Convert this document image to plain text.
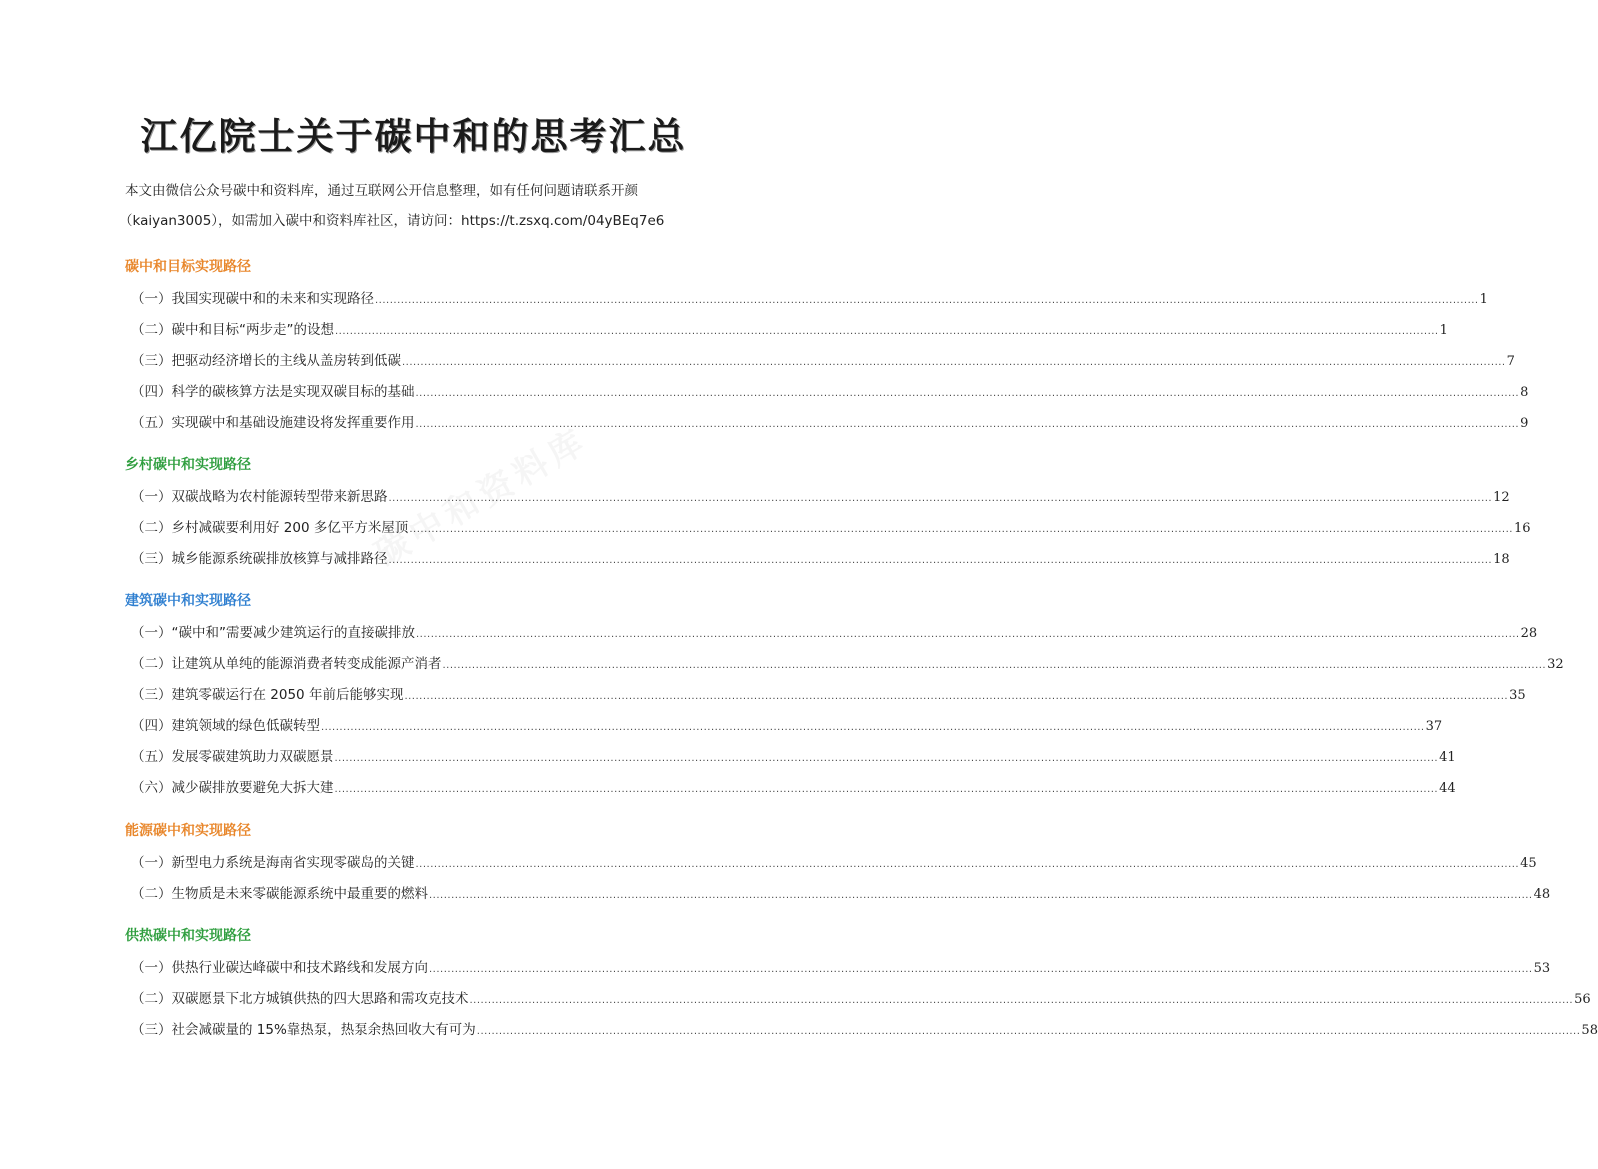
江亿院士关于碳中和的思考汇总
本文由微信公众号碳中和资料库，通过互联网公开信息整理，如有任何问题请联系开颜
（kaiyan3005），如需加入碳中和资料库社区，请访问：https://t.zsxq.com/04yBEq7e6
碳中和目标实现路径
（一） 我国实现碳中和的未来和实现路径 ............................................................................................................................................................................................................................................................................................................ 1
（二） 碳中和目标“两步走”的设想 ............................................................................................................................................................................................................................................................................................................ 1
（三） 把驱动经济增长的主线从盖房转到低碳 ............................................................................................................................................................................................................................................................................................................ 7
（四） 科学的碳核算方法是实现双碳目标的基础 ............................................................................................................................................................................................................................................................................................................ 8
（五） 实现碳中和基础设施建设将发挥重要作用 ............................................................................................................................................................................................................................................................................................................ 9
乡村碳中和实现路径
（一） 双碳战略为农村能源转型带来新思路 ............................................................................................................................................................................................................................................................................................................ 12
（二） 乡村减碳要利用好 200 多亿平方米屋顶 ............................................................................................................................................................................................................................................................................................................ 16
（三） 城乡能源系统碳排放核算与减排路径 ............................................................................................................................................................................................................................................................................................................ 18
建筑碳中和实现路径
（一） “碳中和”需要减少建筑运行的直接碳排放 ............................................................................................................................................................................................................................................................................................................ 28
（二） 让建筑从单纯的能源消费者转变成能源产消者 ............................................................................................................................................................................................................................................................................................................ 32
（三） 建筑零碳运行在 2050 年前后能够实现 ............................................................................................................................................................................................................................................................................................................ 35
（四） 建筑领域的绿色低碳转型 ............................................................................................................................................................................................................................................................................................................ 37
（五） 发展零碳建筑助力双碳愿景 ............................................................................................................................................................................................................................................................................................................ 41
（六） 减少碳排放要避免大拆大建 ............................................................................................................................................................................................................................................................................................................ 44
能源碳中和实现路径
（一） 新型电力系统是海南省实现零碳岛的关键 ............................................................................................................................................................................................................................................................................................................ 45
（二） 生物质是未来零碳能源系统中最重要的燃料 ............................................................................................................................................................................................................................................................................................................ 48
供热碳中和实现路径
（一） 供热行业碳达峰碳中和技术路线和发展方向 ............................................................................................................................................................................................................................................................................................................ 53
（二） 双碳愿景下北方城镇供热的四大思路和需攻克技术 ............................................................................................................................................................................................................................................................................................................ 56
（三） 社会减碳量的 15%靠热泵，热泵余热回收大有可为 ............................................................................................................................................................................................................................................................................................................ 58
